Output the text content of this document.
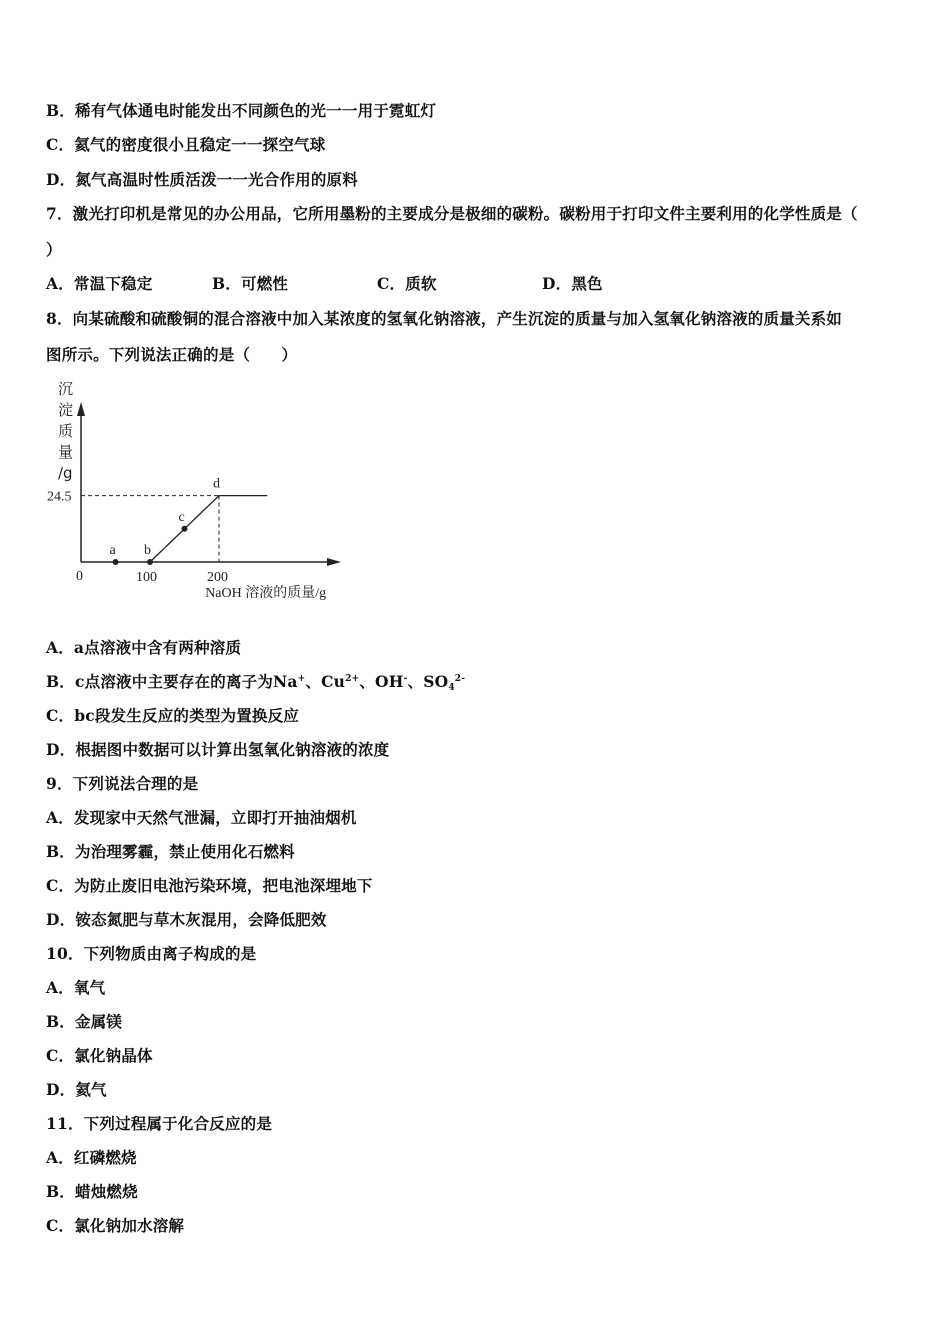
B．稀有气体通电时能发出不同颜色的光一一用于霓虹灯
C．氦气的密度很小且稳定一一探空气球
D．氮气高温时性质活泼一一光合作用的原料
7．激光打印机是常见的办公用品，它所用墨粉的主要成分是极细的碳粉。碳粉用于打印文件主要利用的化学性质是（
）
A．常温下稳定	B．可燃性	C．质软	D．黑色
8．向某硫酸和硫酸铜的混合溶液中加入某浓度的氢氧化钠溶液，产生沉淀的质量与加入氢氧化钠溶液的质量关系如
图所示。下列说法正确的是（　　）
沉
淀
质
量
/g
a b
c
d
0	100	200
24.5
NaOH 溶液的质量/g
A．a点溶液中含有两种溶质
B．c点溶液中主要存在的离子为Na+、$Cu^{2+}$、OH-、$SO_4^{2-}$
C．bc段发生反应的类型为置换反应
D．根据图中数据可以计算出氢氧化钠溶液的浓度
9．下列说法合理的是
A．发现家中天然气泄漏，立即打开抽油烟机
B．为治理雾霾，禁止使用化石燃料
C．为防止废旧电池污染环境，把电池深埋地下
D．铵态氮肥与草木灰混用，会降低肥效
10．下列物质由离子构成的是
A．氧气
B．金属镁
C．氯化钠晶体
D．氦气
11．下列过程属于化合反应的是
A．红磷燃烧
B．蜡烛燃烧
C．氯化钠加水溶解
